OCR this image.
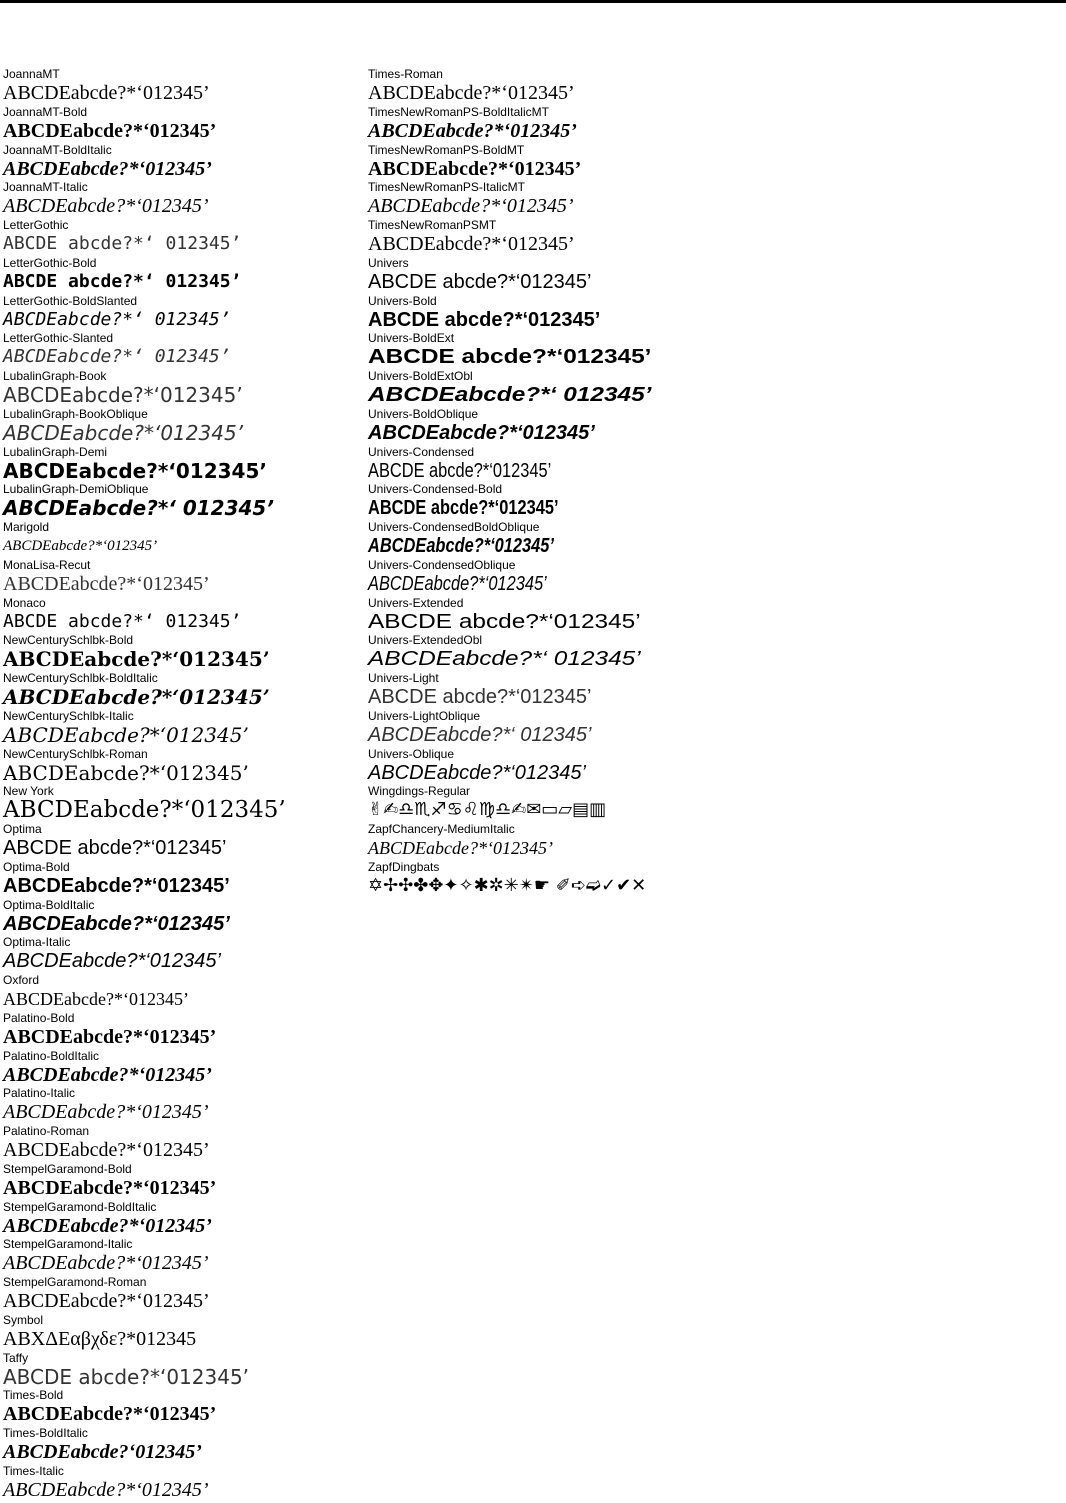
JoannaMT
ABCDEabcde?*‘012345’
JoannaMT-Bold
ABCDEabcde?*‘012345’
JoannaMT-BoldItalic
ABCDEabcde?*‘012345’
JoannaMT-Italic
ABCDEabcde?*‘012345’
LetterGothic
ABCDE abcde?*‘ 012345’
LetterGothic-Bold
ABCDE abcde?*‘ 012345’
LetterGothic-BoldSlanted
ABCDEabcde?*‘ 012345’
LetterGothic-Slanted
ABCDEabcde?*‘ 012345’
LubalinGraph-Book
ABCDEabcde?*‘012345’
LubalinGraph-BookOblique
ABCDEabcde?*‘012345’
LubalinGraph-Demi
ABCDEabcde?*‘012345’
LubalinGraph-DemiOblique
ABCDEabcde?*‘ 012345’
Marigold
ABCDEabcde?*‘012345’
MonaLisa-Recut
ABCDEabcde?*‘012345’
Monaco
ABCDE abcde?*‘ 012345’
NewCenturySchlbk-Bold
ABCDEabcde?*‘012345’
NewCenturySchlbk-BoldItalic
ABCDEabcde?*‘012345’
NewCenturySchlbk-Italic
ABCDEabcde?*‘012345’
NewCenturySchlbk-Roman
ABCDEabcde?*‘012345’
New York
ABCDEabcde?*‘012345’
Optima
ABCDE abcde?*‘012345’
Optima-Bold
ABCDEabcde?*‘012345’
Optima-BoldItalic
ABCDEabcde?*‘012345’
Optima-Italic
ABCDEabcde?*‘012345’
Oxford
ABCDEabcde?*‘012345’
Palatino-Bold
ABCDEabcde?*‘012345’
Palatino-BoldItalic
ABCDEabcde?*‘012345’
Palatino-Italic
ABCDEabcde?*‘012345’
Palatino-Roman
ABCDEabcde?*‘012345’
StempelGaramond-Bold
ABCDEabcde?*‘012345’
StempelGaramond-BoldItalic
ABCDEabcde?*‘012345’
StempelGaramond-Italic
ABCDEabcde?*‘012345’
StempelGaramond-Roman
ABCDEabcde?*‘012345’
Symbol
ΑΒΧΔΕαβχδε?*012345
Taffy
ABCDE abcde?*‘012345’
Times-Bold
ABCDEabcde?*‘012345’
Times-BoldItalic
ABCDEabcde?‘012345’
Times-Italic
ABCDEabcde?*‘012345’
Times-Roman
ABCDEabcde?*‘012345’
TimesNewRomanPS-BoldItalicMT
ABCDEabcde?*‘012345’
TimesNewRomanPS-BoldMT
ABCDEabcde?*‘012345’
TimesNewRomanPS-ItalicMT
ABCDEabcde?*‘012345’
TimesNewRomanPSMT
ABCDEabcde?*‘012345’
Univers
ABCDE abcde?*‘012345’
Univers-Bold
ABCDE abcde?*‘012345’
Univers-BoldExt
ABCDE abcde?*‘012345’
Univers-BoldExtObl
ABCDEabcde?*‘ 012345’
Univers-BoldOblique
ABCDEabcde?*‘012345’
Univers-Condensed
ABCDE abcde?*‘012345’
Univers-Condensed-Bold
ABCDE abcde?*‘012345’
Univers-CondensedBoldOblique
ABCDEabcde?*‘012345’
Univers-CondensedOblique
ABCDEabcde?*‘012345’
Univers-Extended
ABCDE abcde?*‘012345’
Univers-ExtendedObl
ABCDEabcde?*‘ 012345’
Univers-Light
ABCDE abcde?*‘012345’
Univers-LightOblique
ABCDEabcde?*‘ 012345’
Univers-Oblique
ABCDEabcde?*‘012345’
Wingdings-Regular
✌✍♎♏♐♋♌♍♎✍✉▭▱▤▥
ZapfChancery-MediumItalic
ABCDEabcde?*‘012345’
ZapfDingbats
✡✢✣✤✥✦✧✱✲✳✴☛ ✐➪➫✓✔✕
